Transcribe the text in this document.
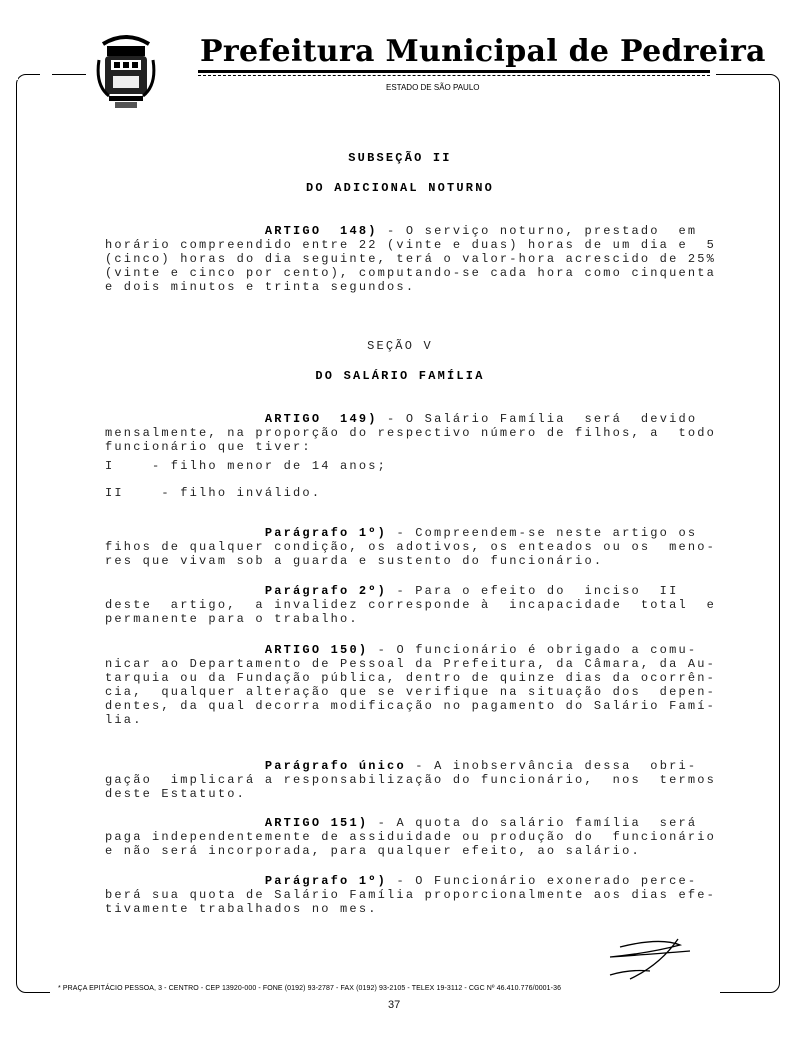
Prefeitura Municipal de Pedreira
ESTADO DE SÃO PAULO
SUBSEÇÃO II
DO ADICIONAL NOTURNO
ARTIGO  148) - O serviço noturno, prestado  em
horário compreendido entre 22 (vinte e duas) horas de um dia e  5
(cinco) horas do dia seguinte, terá o valor-hora acrescido de 25%
(vinte e cinco por cento), computando-se cada hora como cinquenta
e dois minutos e trinta segundos.
SEÇÃO V
DO SALÁRIO FAMÍLIA
ARTIGO  149) - O Salário Família  será  devido
mensalmente, na proporção do respectivo número de filhos, a  todo
funcionário que tiver:
I    - filho menor de 14 anos;
II    - filho inválido.
Parágrafo 1º) - Compreendem-se neste artigo os
fihos de qualquer condição, os adotivos, os enteados ou os  meno-
res que vivam sob a guarda e sustento do funcionário.
Parágrafo 2º) - Para o efeito do  inciso  II
deste  artigo,  a invalidez corresponde à  incapacidade  total  e
permanente para o trabalho.
ARTIGO 150) - O funcionário é obrigado a comu-
nicar ao Departamento de Pessoal da Prefeitura, da Câmara, da Au-
tarquia ou da Fundação pública, dentro de quinze dias da ocorrên-
cia,  qualquer alteração que se verifique na situação dos  depen-
dentes, da qual decorra modificação no pagamento do Salário Famí-
lia.
Parágrafo único - A inobservância dessa  obri-
gação  implicará a responsabilização do funcionário,  nos  termos
deste Estatuto.
ARTIGO 151) - A quota do salário família  será
paga independentemente de assiduidade ou produção do  funcionário
e não será incorporada, para qualquer efeito, ao salário.
Parágrafo 1º) - O Funcionário exonerado perce-
berá sua quota de Salário Família proporcionalmente aos dias efe-
tivamente trabalhados no mes.
* PRAÇA EPITÁCIO PESSOA, 3 - CENTRO - CEP 13920-000 - FONE (0192) 93-2787 - FAX (0192) 93-2105 - TELEX 19-3112 - CGC Nº 46.410.776/0001-36
37
